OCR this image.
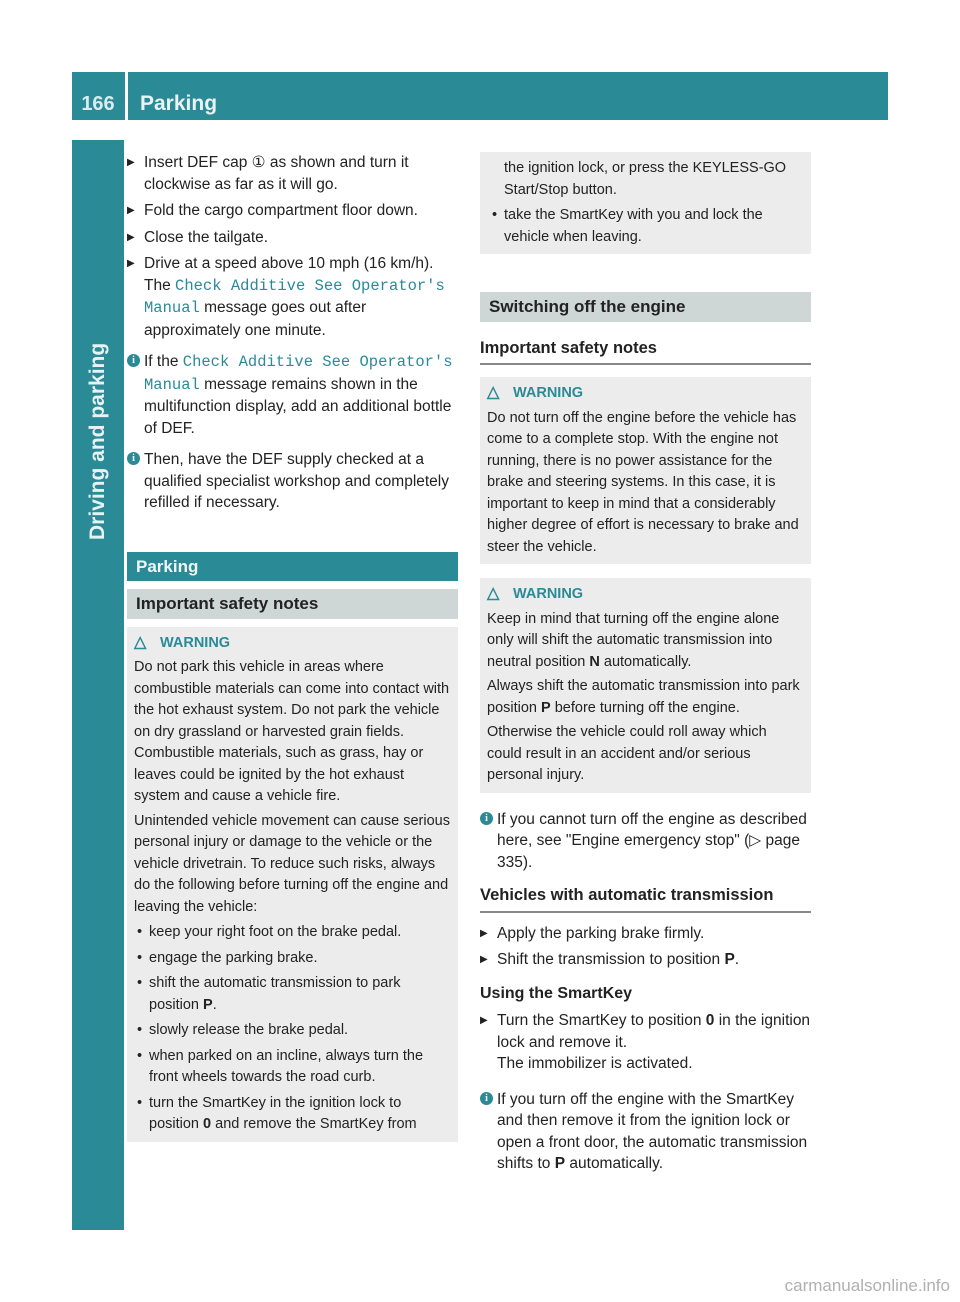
166	Parking
Driving and parking
▶ Insert DEF cap ① as shown and turn it clockwise as far as it will go.
▶ Fold the cargo compartment floor down.
▶ Close the tailgate.
▶ Drive at a speed above 10 mph (16 km/h). The Check Additive See Operator's Manual message goes out after approximately one minute.
i If the Check Additive See Operator's Manual message remains shown in the multifunction display, add an additional bottle of DEF.
i Then, have the DEF supply checked at a qualified specialist workshop and completely refilled if necessary.
Parking
Important safety notes
△ WARNING

Do not park this vehicle in areas where combustible materials can come into contact with the hot exhaust system. Do not park the vehicle on dry grassland or harvested grain fields. Combustible materials, such as grass, hay or leaves could be ignited by the hot exhaust system and cause a vehicle fire.

Unintended vehicle movement can cause serious personal injury or damage to the vehicle or the vehicle drivetrain. To reduce such risks, always do the following before turning off the engine and leaving the vehicle:

• keep your right foot on the brake pedal.
• engage the parking brake.
• shift the automatic transmission to park position P.
• slowly release the brake pedal.
• when parked on an incline, always turn the front wheels towards the road curb.
• turn the SmartKey in the ignition lock to position 0 and remove the SmartKey from
the ignition lock, or press the KEYLESS-GO Start/Stop button.
• take the SmartKey with you and lock the vehicle when leaving.
Switching off the engine
Important safety notes
△ WARNING

Do not turn off the engine before the vehicle has come to a complete stop. With the engine not running, there is no power assistance for the brake and steering systems. In this case, it is important to keep in mind that a considerably higher degree of effort is necessary to brake and steer the vehicle.

△ WARNING

Keep in mind that turning off the engine alone only will shift the automatic transmission into neutral position N automatically.

Always shift the automatic transmission into park position P before turning off the engine.

Otherwise the vehicle could roll away which could result in an accident and/or serious personal injury.

i If you cannot turn off the engine as described here, see "Engine emergency stop" (▷ page 335).
Vehicles with automatic transmission
▶ Apply the parking brake firmly.
▶ Shift the transmission to position P.
Using the SmartKey
▶ Turn the SmartKey to position 0 in the ignition lock and remove it.
The immobilizer is activated.
i If you turn off the engine with the SmartKey and then remove it from the ignition lock or open a front door, the automatic transmission shifts to P automatically.
carmanualsonline.info
